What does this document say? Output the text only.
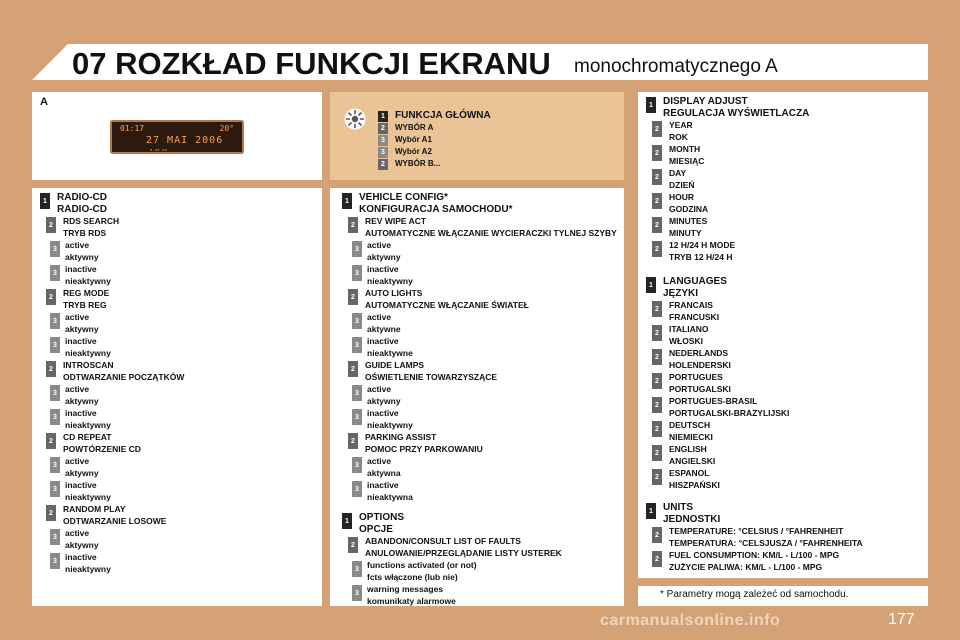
07 ROZKŁAD FUNKCJI EKRANU monochromatycznego A
A
01:17	20°
27 MAI 2006
▪ ▪▪ ▪▪
* Parametry mogą zależeć od samochodu.
carmanualsonline.info	177
1	FUNKCJA GŁÓWNA
2	WYBÓR A
3	Wybór A1
3	Wybór A2
2	WYBÓR B...
1	RADIO-CD
RADIO-CD
2	RDS SEARCH
TRYB RDS
3 active
aktywny
3 inactive
nieaktywny
2	REG MODE
TRYB REG
3 active
aktywny
3 inactive
nieaktywny
2	INTROSCAN
ODTWARZANIE POCZĄTKÓW
3 active
aktywny
3 inactive
nieaktywny
2	CD REPEAT
POWTÓRZENIE CD
3 active
aktywny
3 inactive
nieaktywny
2	RANDOM PLAY
ODTWARZANIE LOSOWE
3 active
aktywny
3 inactive
nieaktywny
1	VEHICLE CONFIG*
KONFIGURACJA SAMOCHODU*
2	REV WIPE ACT
AUTOMATYCZNE WŁĄCZANIE WYCIERACZKI TYLNEJ SZYBY
3 active
aktywny
3 inactive
nieaktywny
2	AUTO LIGHTS
AUTOMATYCZNE WŁĄCZANIE ŚWIATEŁ
3 active
aktywne
3 inactive
nieaktywne
2	GUIDE LAMPS
OŚWIETLENIE TOWARZYSZĄCE
3 active
aktywny
3 inactive
nieaktywny
2	PARKING ASSIST
POMOC PRZY PARKOWANIU
3 active
aktywna
3 inactive
nieaktywna
1	OPTIONS
OPCJE
2	ABANDON/CONSULT LIST OF FAULTS
ANULOWANIE/PRZEGLĄDANIE LISTY USTEREK
3 functions activated (or not)
fcts włączone (lub nie)
3 warning messages
komunikaty alarmowe
1	DISPLAY ADJUST
REGULACJA WYŚWIETLACZA
2	YEAR
ROK
2	MONTH
MIESIĄC
2	DAY
DZIEŃ
2	HOUR
GODZINA
2	MINUTES
MINUTY
2	12 H/24 H MODE
TRYB 12 H/24 H
1	LANGUAGES
JĘZYKI
2	FRANCAIS
FRANCUSKI
2	ITALIANO
WŁOSKI
2	NEDERLANDS
HOLENDERSKI
2	PORTUGUES
PORTUGALSKI
2	PORTUGUES-BRASIL
PORTUGALSKI-BRAZYLIJSKI
2	DEUTSCH
NIEMIECKI
2	ENGLISH
ANGIELSKI
2	ESPANOL
HISZPAŃSKI
1	UNITS
JEDNOSTKI
2	TEMPERATURE: °CELSIUS / °FAHRENHEIT
TEMPERATURA: °CELSJUSZA / °FAHRENHEITA
2	FUEL CONSUMPTION: KM/L - L/100 - MPG
ZUŻYCIE PALIWA: KM/L - L/100 - MPG
